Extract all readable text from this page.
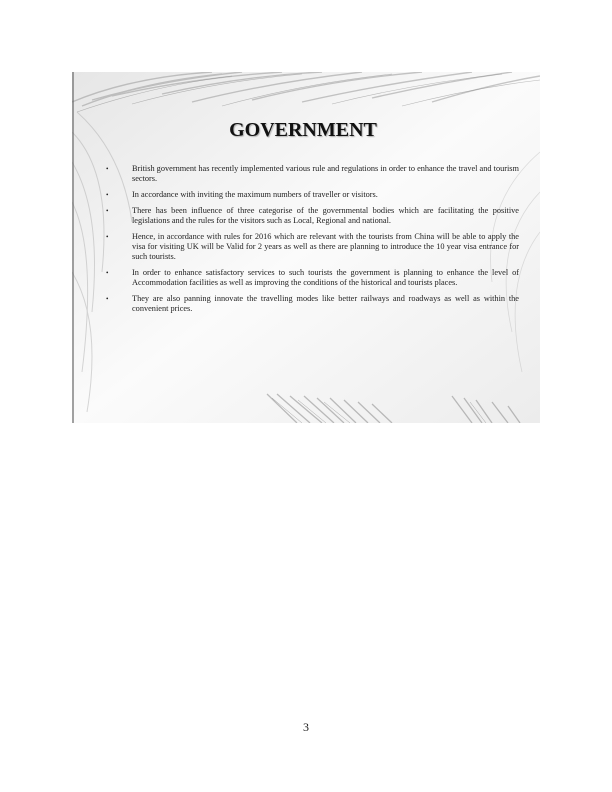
GOVERNMENT
•	British government has recently implemented various rule and regulations in order to enhance the travel and tourism sectors.
•	In accordance with inviting the maximum numbers of traveller or visitors.
•	There has been influence of three categorise of the governmental bodies which are facilitating the positive legislations and the rules for the visitors such as Local, Regional and national.
•	Hence, in accordance with rules for 2016 which are relevant with the tourists from China will be able to apply the visa for visiting UK will be Valid for 2 years as well as there are planning to introduce the 10 year visa entrance for such tourists.
•	In order to enhance satisfactory services to such tourists the government is planning to enhance the level of Accommodation facilities as well as improving the conditions of the historical and tourists places.
•	They are also panning innovate the travelling modes like better railways and roadways as well as within the convenient prices.
3
